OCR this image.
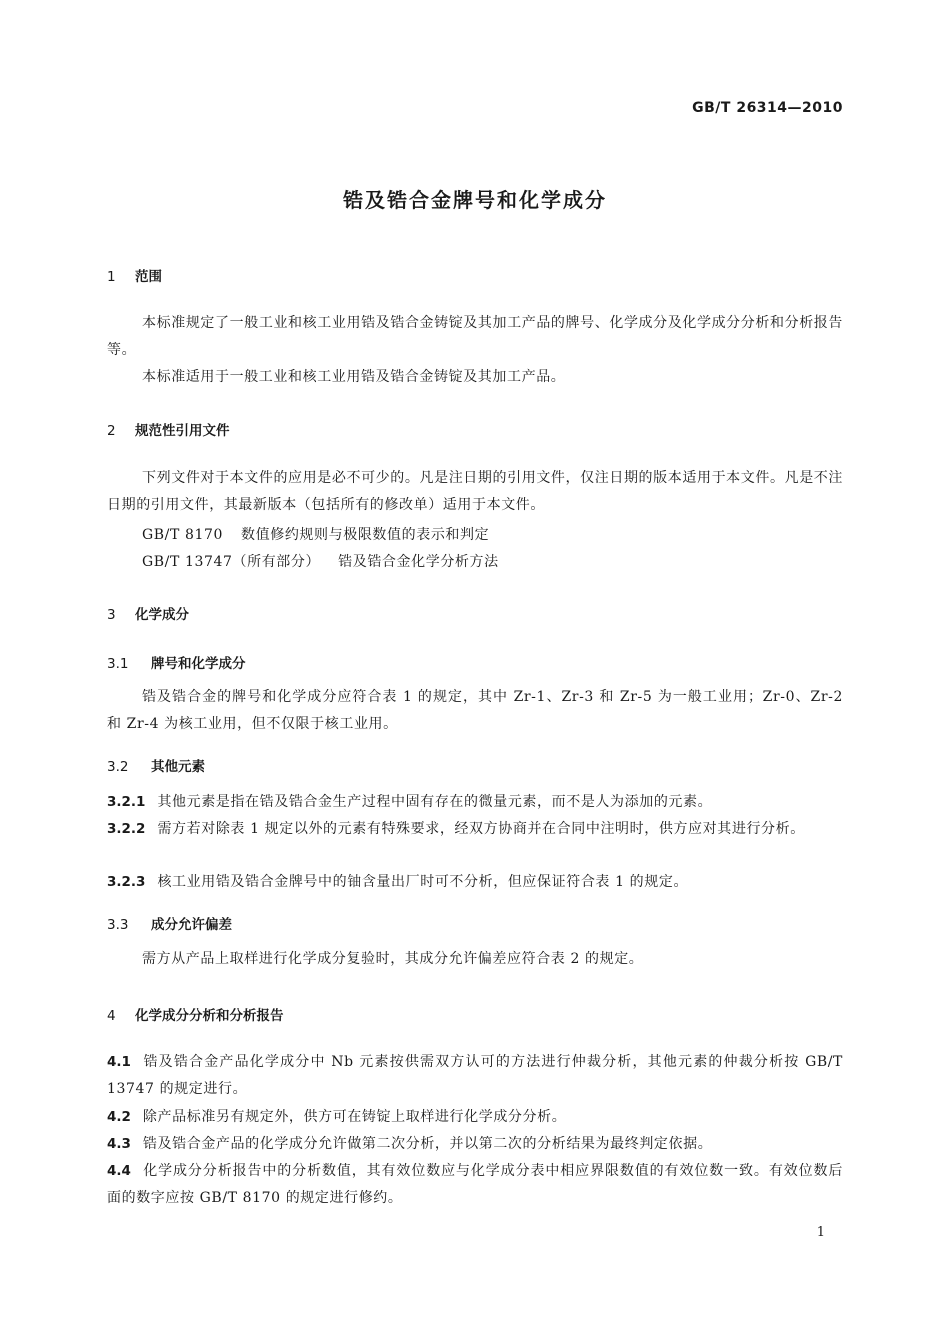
GB/T 26314—2010
锆及锆合金牌号和化学成分
1 范围
本标准规定了一般工业和核工业用锆及锆合金铸锭及其加工产品的牌号、化学成分及化学成分分析和分析报告等。
本标准适用于一般工业和核工业用锆及锆合金铸锭及其加工产品。
2 规范性引用文件
下列文件对于本文件的应用是必不可少的。凡是注日期的引用文件，仅注日期的版本适用于本文件。凡是不注日期的引用文件，其最新版本（包括所有的修改单）适用于本文件。
GB/T 8170 数值修约规则与极限数值的表示和判定
GB/T 13747（所有部分） 锆及锆合金化学分析方法
3 化学成分
3.1 牌号和化学成分
锆及锆合金的牌号和化学成分应符合表 1 的规定，其中 Zr-1、Zr-3 和 Zr-5 为一般工业用；Zr-0、Zr-2 和 Zr-4 为核工业用，但不仅限于核工业用。
3.2 其他元素
3.2.1 其他元素是指在锆及锆合金生产过程中固有存在的微量元素，而不是人为添加的元素。
3.2.2 需方若对除表 1 规定以外的元素有特殊要求，经双方协商并在合同中注明时，供方应对其进行分析。
3.2.3 核工业用锆及锆合金牌号中的铀含量出厂时可不分析，但应保证符合表 1 的规定。
3.3 成分允许偏差
需方从产品上取样进行化学成分复验时，其成分允许偏差应符合表 2 的规定。
4 化学成分分析和分析报告
4.1 锆及锆合金产品化学成分中 Nb 元素按供需双方认可的方法进行仲裁分析，其他元素的仲裁分析按 GB/T 13747 的规定进行。
4.2 除产品标准另有规定外，供方可在铸锭上取样进行化学成分分析。
4.3 锆及锆合金产品的化学成分允许做第二次分析，并以第二次的分析结果为最终判定依据。
4.4 化学成分分析报告中的分析数值，其有效位数应与化学成分表中相应界限数值的有效位数一致。有效位数后面的数字应按 GB/T 8170 的规定进行修约。
1
